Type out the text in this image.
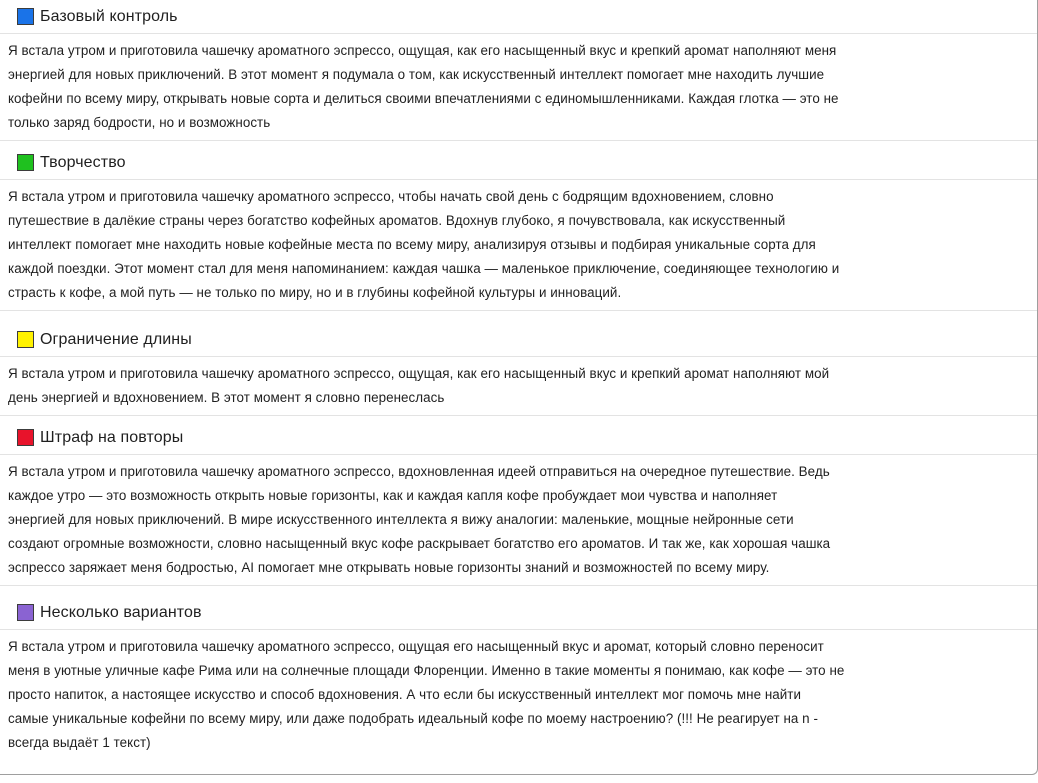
Базовый контроль
Я встала утром и приготовила чашечку ароматного эспрессо, ощущая, как его насыщенный вкус и крепкий аромат наполняют меня
энергией для новых приключений. В этот момент я подумала о том, как искусственный интеллект помогает мне находить лучшие
кофейни по всему миру, открывать новые сорта и делиться своими впечатлениями с единомышленниками. Каждая глотка — это не
только заряд бодрости, но и возможность
Творчество
Я встала утром и приготовила чашечку ароматного эспрессо, чтобы начать свой день с бодрящим вдохновением, словно
путешествие в далёкие страны через богатство кофейных ароматов. Вдохнув глубоко, я почувствовала, как искусственный
интеллект помогает мне находить новые кофейные места по всему миру, анализируя отзывы и подбирая уникальные сорта для
каждой поездки. Этот момент стал для меня напоминанием: каждая чашка — маленькое приключение, соединяющее технологию и
страсть к кофе, а мой путь — не только по миру, но и в глубины кофейной культуры и инноваций.
Ограничение длины
Я встала утром и приготовила чашечку ароматного эспрессо, ощущая, как его насыщенный вкус и крепкий аромат наполняют мой
день энергией и вдохновением. В этот момент я словно перенеслась
Штраф на повторы
Я встала утром и приготовила чашечку ароматного эспрессо, вдохновленная идеей отправиться на очередное путешествие. Ведь
каждое утро — это возможность открыть новые горизонты, как и каждая капля кофе пробуждает мои чувства и наполняет
энергией для новых приключений. В мире искусственного интеллекта я вижу аналогии: маленькие, мощные нейронные сети
создают огромные возможности, словно насыщенный вкус кофе раскрывает богатство его ароматов. И так же, как хорошая чашка
эспрессо заряжает меня бодростью, AI помогает мне открывать новые горизонты знаний и возможностей по всему миру.
Несколько вариантов
Я встала утром и приготовила чашечку ароматного эспрессо, ощущая его насыщенный вкус и аромат, который словно переносит
меня в уютные уличные кафе Рима или на солнечные площади Флоренции. Именно в такие моменты я понимаю, как кофе — это не
просто напиток, а настоящее искусство и способ вдохновения. А что если бы искусственный интеллект мог помочь мне найти
самые уникальные кофейни по всему миру, или даже подобрать идеальный кофе по моему настроению? (!!! Не реагирует на n -
всегда выдаёт 1 текст)
